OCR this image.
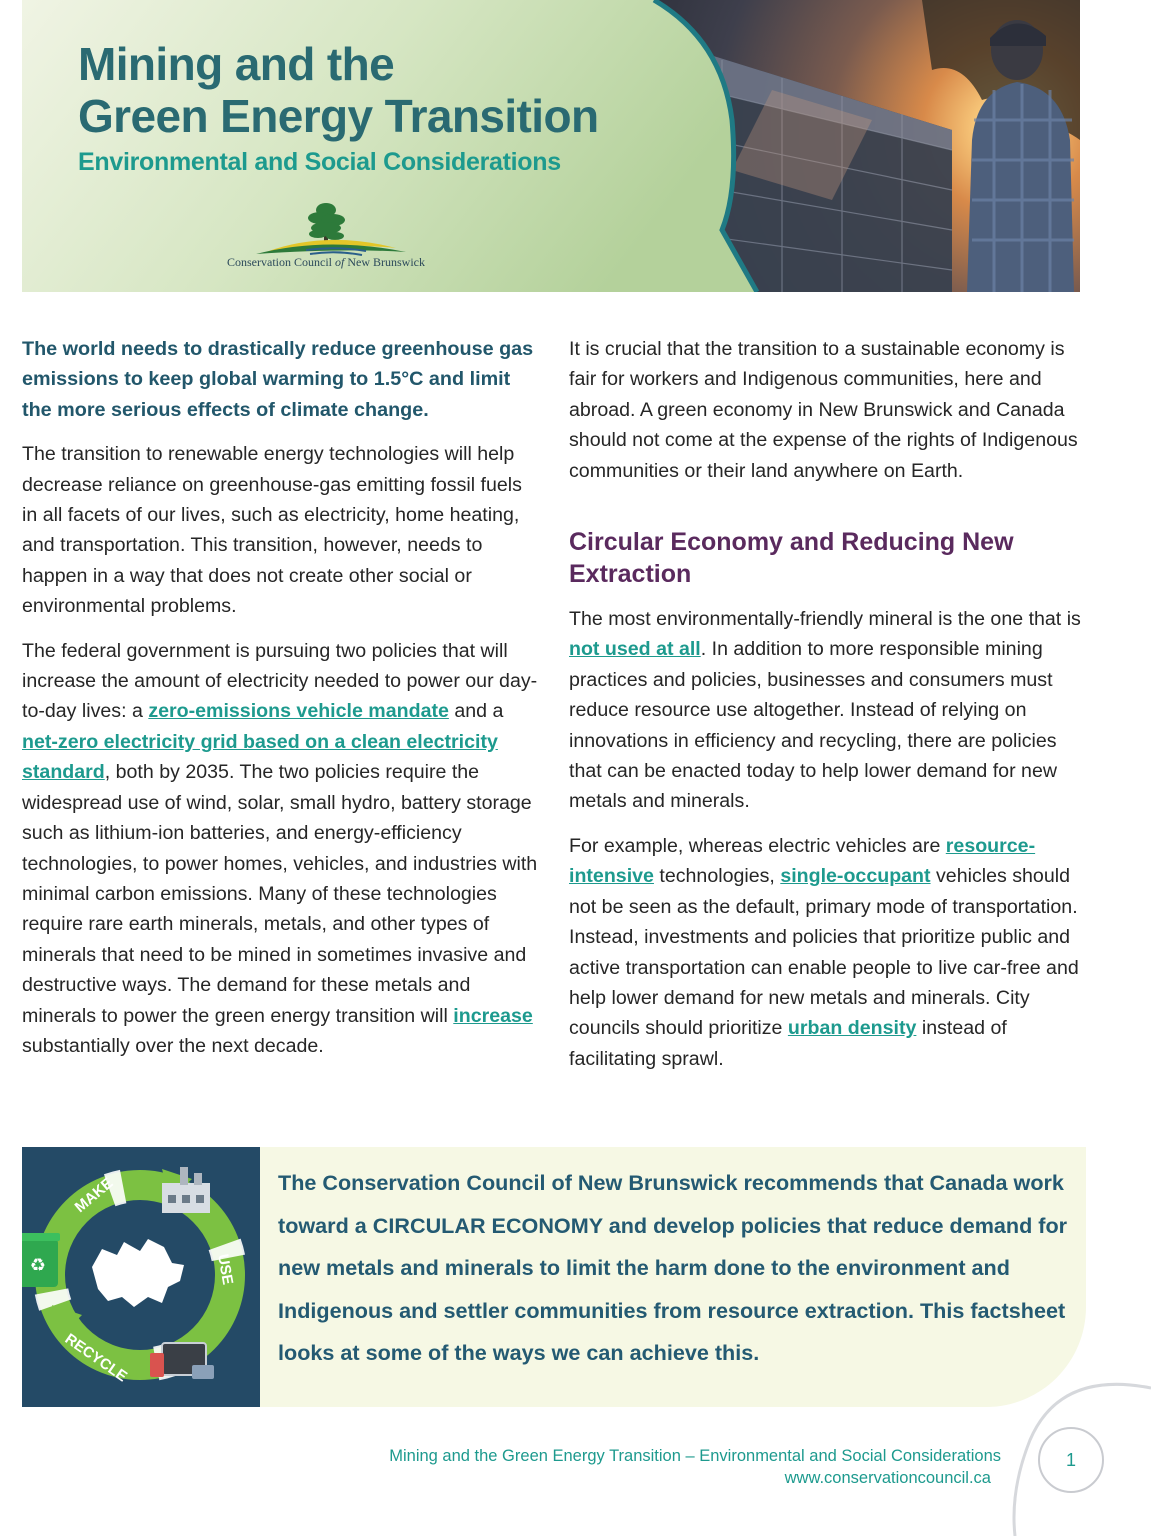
Mining and the
Green Energy Transition
Environmental and Social Considerations
Conservation Council of New Brunswick

The world needs to drastically reduce greenhouse gas emissions to keep global warming to 1.5°C and limit the more serious effects of climate change.

The transition to renewable energy technologies will help decrease reliance on greenhouse-gas emitting fossil fuels in all facets of our lives, such as electricity, home heating, and transportation. This transition, however, needs to happen in a way that does not create other social or environmental problems.

The federal government is pursuing two policies that will increase the amount of electricity needed to power our day-to-day lives: a zero-emissions vehicle mandate and a net-zero electricity grid based on a clean electricity standard, both by 2035. The two policies require the widespread use of wind, solar, small hydro, battery storage such as lithium-ion batteries, and energy-efficiency technologies, to power homes, vehicles, and industries with minimal carbon emissions. Many of these technologies require rare earth minerals, metals, and other types of minerals that need to be mined in sometimes invasive and destructive ways. The demand for these metals and minerals to power the green energy transition will increase substantially over the next decade.

It is crucial that the transition to a sustainable economy is fair for workers and Indigenous communities, here and abroad. A green economy in New Brunswick and Canada should not come at the expense of the rights of Indigenous communities or their land anywhere on Earth.

Circular Economy and Reducing New Extraction

The most environmentally-friendly mineral is the one that is not used at all. In addition to more responsible mining practices and policies, businesses and consumers must reduce resource use altogether. Instead of relying on innovations in efficiency and recycling, there are policies that can be enacted today to help lower demand for new metals and minerals.

For example, whereas electric vehicles are resource-intensive technologies, single-occupant vehicles should not be seen as the default, primary mode of transportation. Instead, investments and policies that prioritize public and active transportation can enable people to live car-free and help lower demand for new metals and minerals. City councils should prioritize urban density instead of facilitating sprawl.

MAKE
USE
RECYCLE
♻
The Conservation Council of New Brunswick recommends that Canada work toward a CIRCULAR ECONOMY and develop policies that reduce demand for new metals and minerals to limit the harm done to the environment and Indigenous and settler communities from resource extraction. This factsheet looks at some of the ways we can achieve this.
Mining and the Green Energy Transition – Environmental and Social Considerations
www.conservationcouncil.ca
1
